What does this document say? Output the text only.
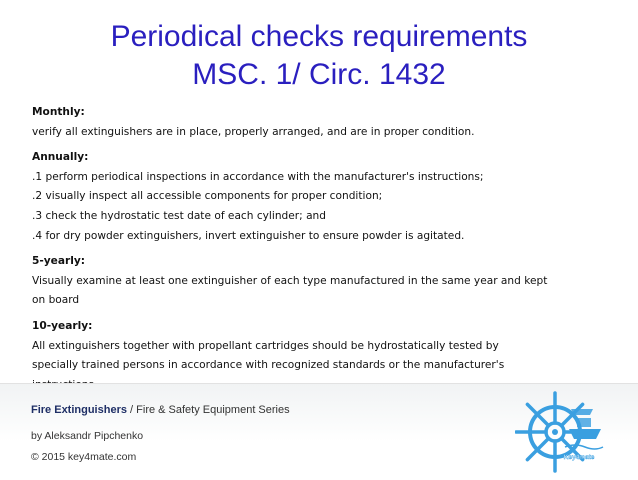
Periodical checks requirements
MSC. 1/ Circ. 1432
Monthly:
verify all extinguishers are in place, properly arranged, and are in proper condition.
Annually:
.1 perform periodical inspections in accordance with the manufacturer's instructions;
.2 visually inspect all accessible components for proper condition;
.3 check the hydrostatic test date of each cylinder; and
.4 for dry powder extinguishers, invert extinguisher to ensure powder is agitated.
5-yearly:
Visually examine at least one extinguisher of each type manufactured in the same year and kept
on board
10-yearly:
All extinguishers together with propellant cartridges should be hydrostatically tested by
specially trained persons in accordance with recognized standards or the manufacturer's
Fire Extinguishers / Fire & Safety Equipment Series
by Aleksandr Pipchenko
© 2015 key4mate.com	Key4mate
